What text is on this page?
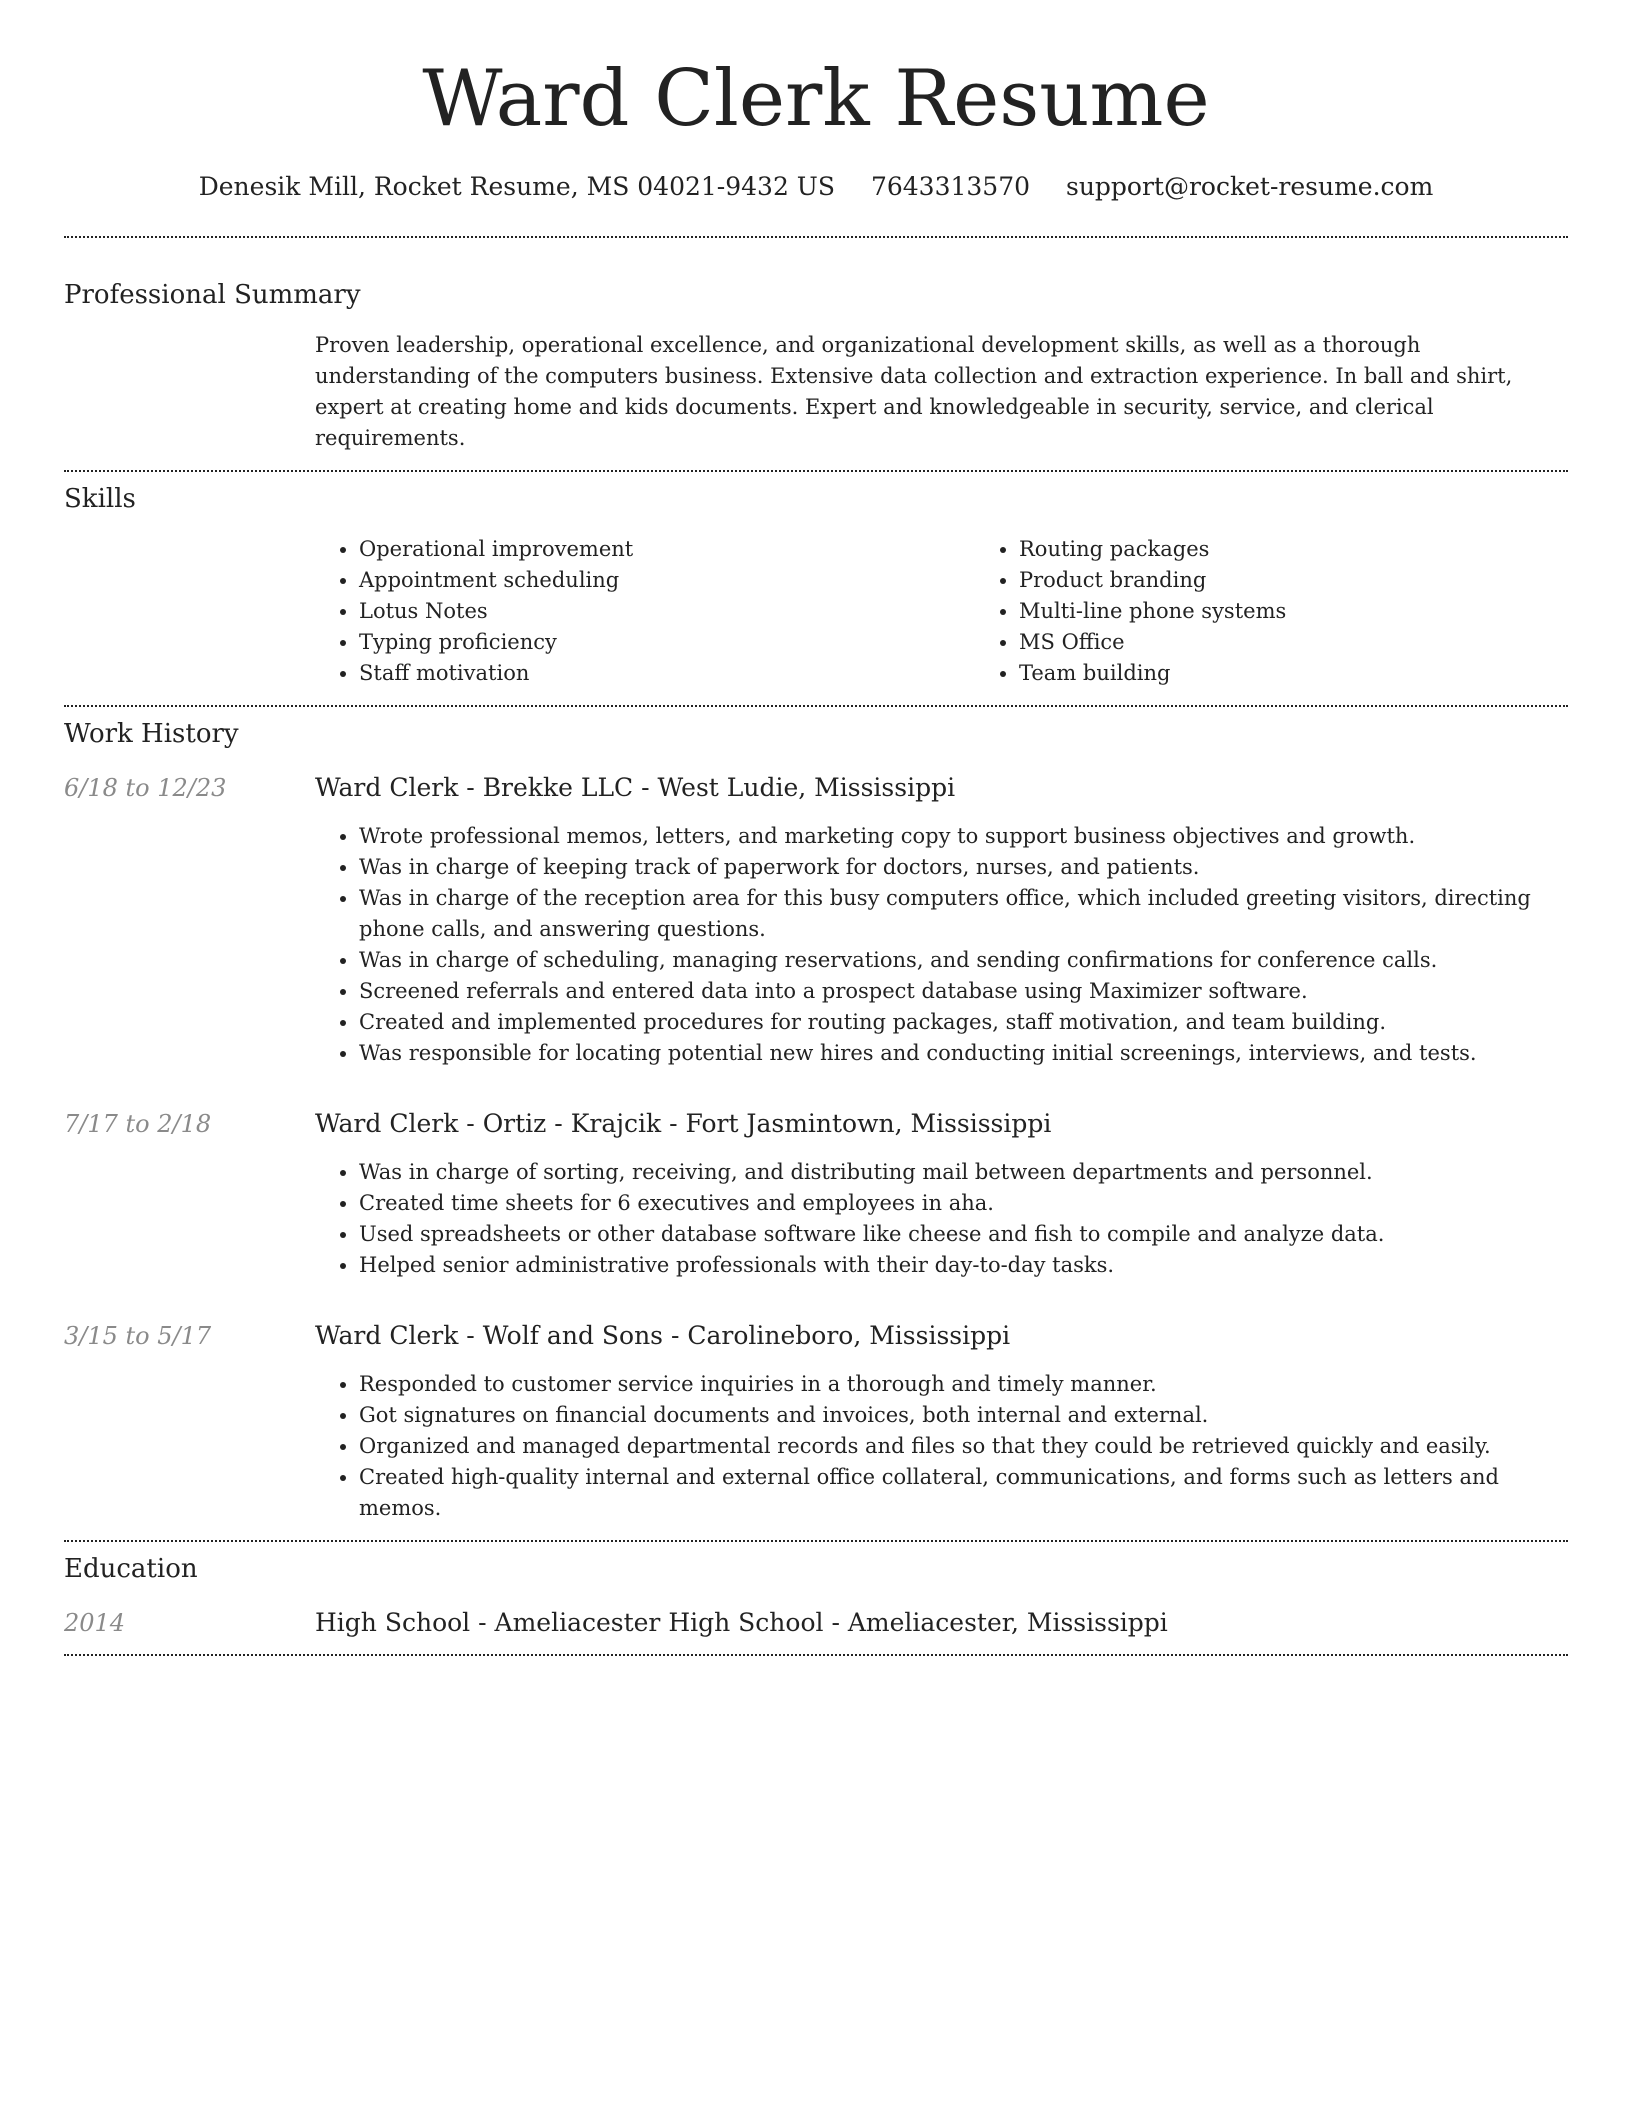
Ward Clerk Resume
Denesik Mill, Rocket Resume, MS 04021-9432 US 7643313570 support@rocket-resume.com
Professional Summary

Proven leadership, operational excellence, and organizational development skills, as well as a thorough understanding of the computers business. Extensive data collection and extraction experience. In ball and shirt, expert at creating home and kids documents. Expert and knowledgeable in security, service, and clerical requirements.

Skills
• Operational improvement
• Appointment scheduling
• Lotus Notes
• Typing proficiency
• Staff motivation
• Routing packages
• Product branding
• Multi-line phone systems
• MS Office
• Team building
Work History
6/18 to 12/23	Ward Clerk - Brekke LLC - West Ludie, Mississippi
• Wrote professional memos, letters, and marketing copy to support business objectives and growth.
• Was in charge of keeping track of paperwork for doctors, nurses, and patients.
• Was in charge of the reception area for this busy computers office, which included greeting visitors, directing phone calls, and answering questions.
• Was in charge of scheduling, managing reservations, and sending confirmations for conference calls.
• Screened referrals and entered data into a prospect database using Maximizer software.
• Created and implemented procedures for routing packages, staff motivation, and team building.
• Was responsible for locating potential new hires and conducting initial screenings, interviews, and tests.
7/17 to 2/18	Ward Clerk - Ortiz - Krajcik - Fort Jasmintown, Mississippi
• Was in charge of sorting, receiving, and distributing mail between departments and personnel.
• Created time sheets for 6 executives and employees in aha.
• Used spreadsheets or other database software like cheese and fish to compile and analyze data.
• Helped senior administrative professionals with their day-to-day tasks.
3/15 to 5/17	Ward Clerk - Wolf and Sons - Carolineboro, Mississippi
• Responded to customer service inquiries in a thorough and timely manner.
• Got signatures on financial documents and invoices, both internal and external.
• Organized and managed departmental records and files so that they could be retrieved quickly and easily.
• Created high-quality internal and external office collateral, communications, and forms such as letters and memos.
Education
2014	High School - Ameliacester High School - Ameliacester, Mississippi
